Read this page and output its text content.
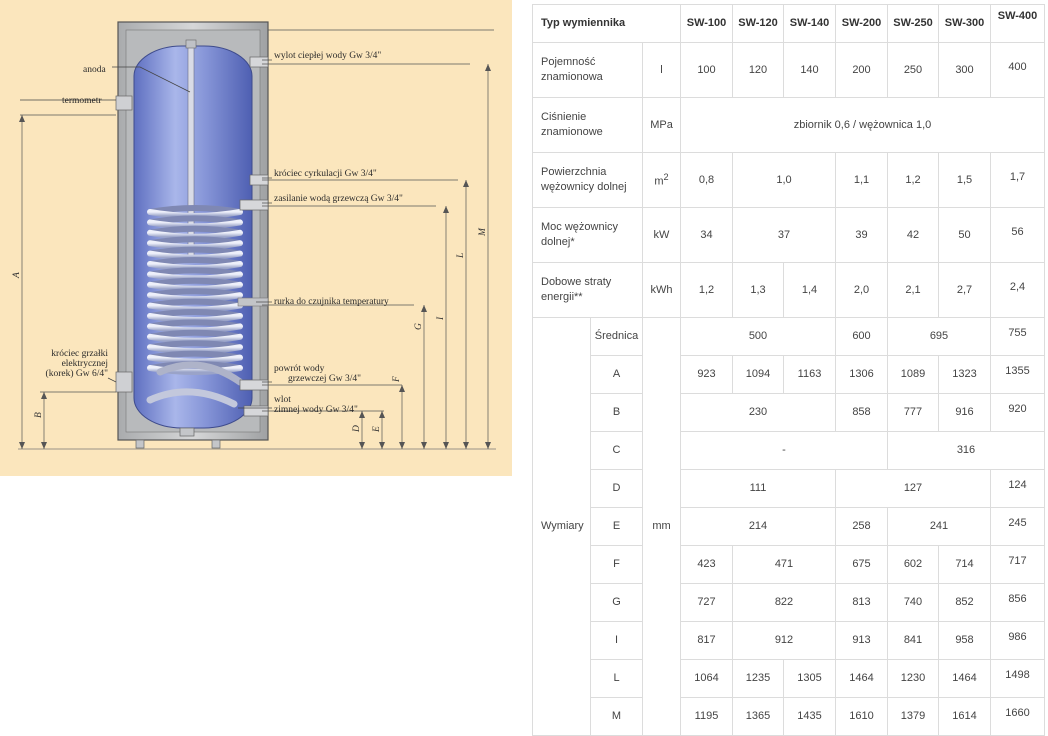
wylot ciepłej wody Gw 3/4"
anoda
termometr
króciec cyrkulacji Gw 3/4"
zasilanie wodą grzewczą Gw 3/4"
rurka do czujnika temperatury
powrót wody
grzewczej Gw 3/4"
wlot
zimnej wody Gw 3/4"
króciec grzałki
elektrycznej
(korek) Gw 6/4"
A
B
D E
F
G
I
L
M
Typ wymiennika			SW-100	SW-120	SW-140	SW-200	SW-250	SW-300	SW-400
Pojemność znamionowa		l	100	120	140	200	250	300	400
Ciśnienie znamionowe		MPa	zbiornik 0,6 / wężownica 1,0						
Powierzchnia wężownicy dolnej		$m^2$	0,8	1,0		1,1	1,2	1,5	1,7
Moc wężownicy dolnej*		kW	34	37		39	42	50	56
Dobowe straty energii**		kWh	1,2	1,3	1,4	2,0	2,1	2,7	2,4
Wymiary	Średnica	mm	500			600	695		755
	A		923	1094	1163	1306	1089	1323	1355
	B		230			858	777	916	920
	C		-				316		
	D		111			127			124
	E		214			258	241		245
	F		423	471		675	602	714	717
	G		727	822		813	740	852	856
	I		817	912		913	841	958	986
	L		1064	1235	1305	1464	1230	1464	1498
	M		1195	1365	1435	1610	1379	1614	1660
